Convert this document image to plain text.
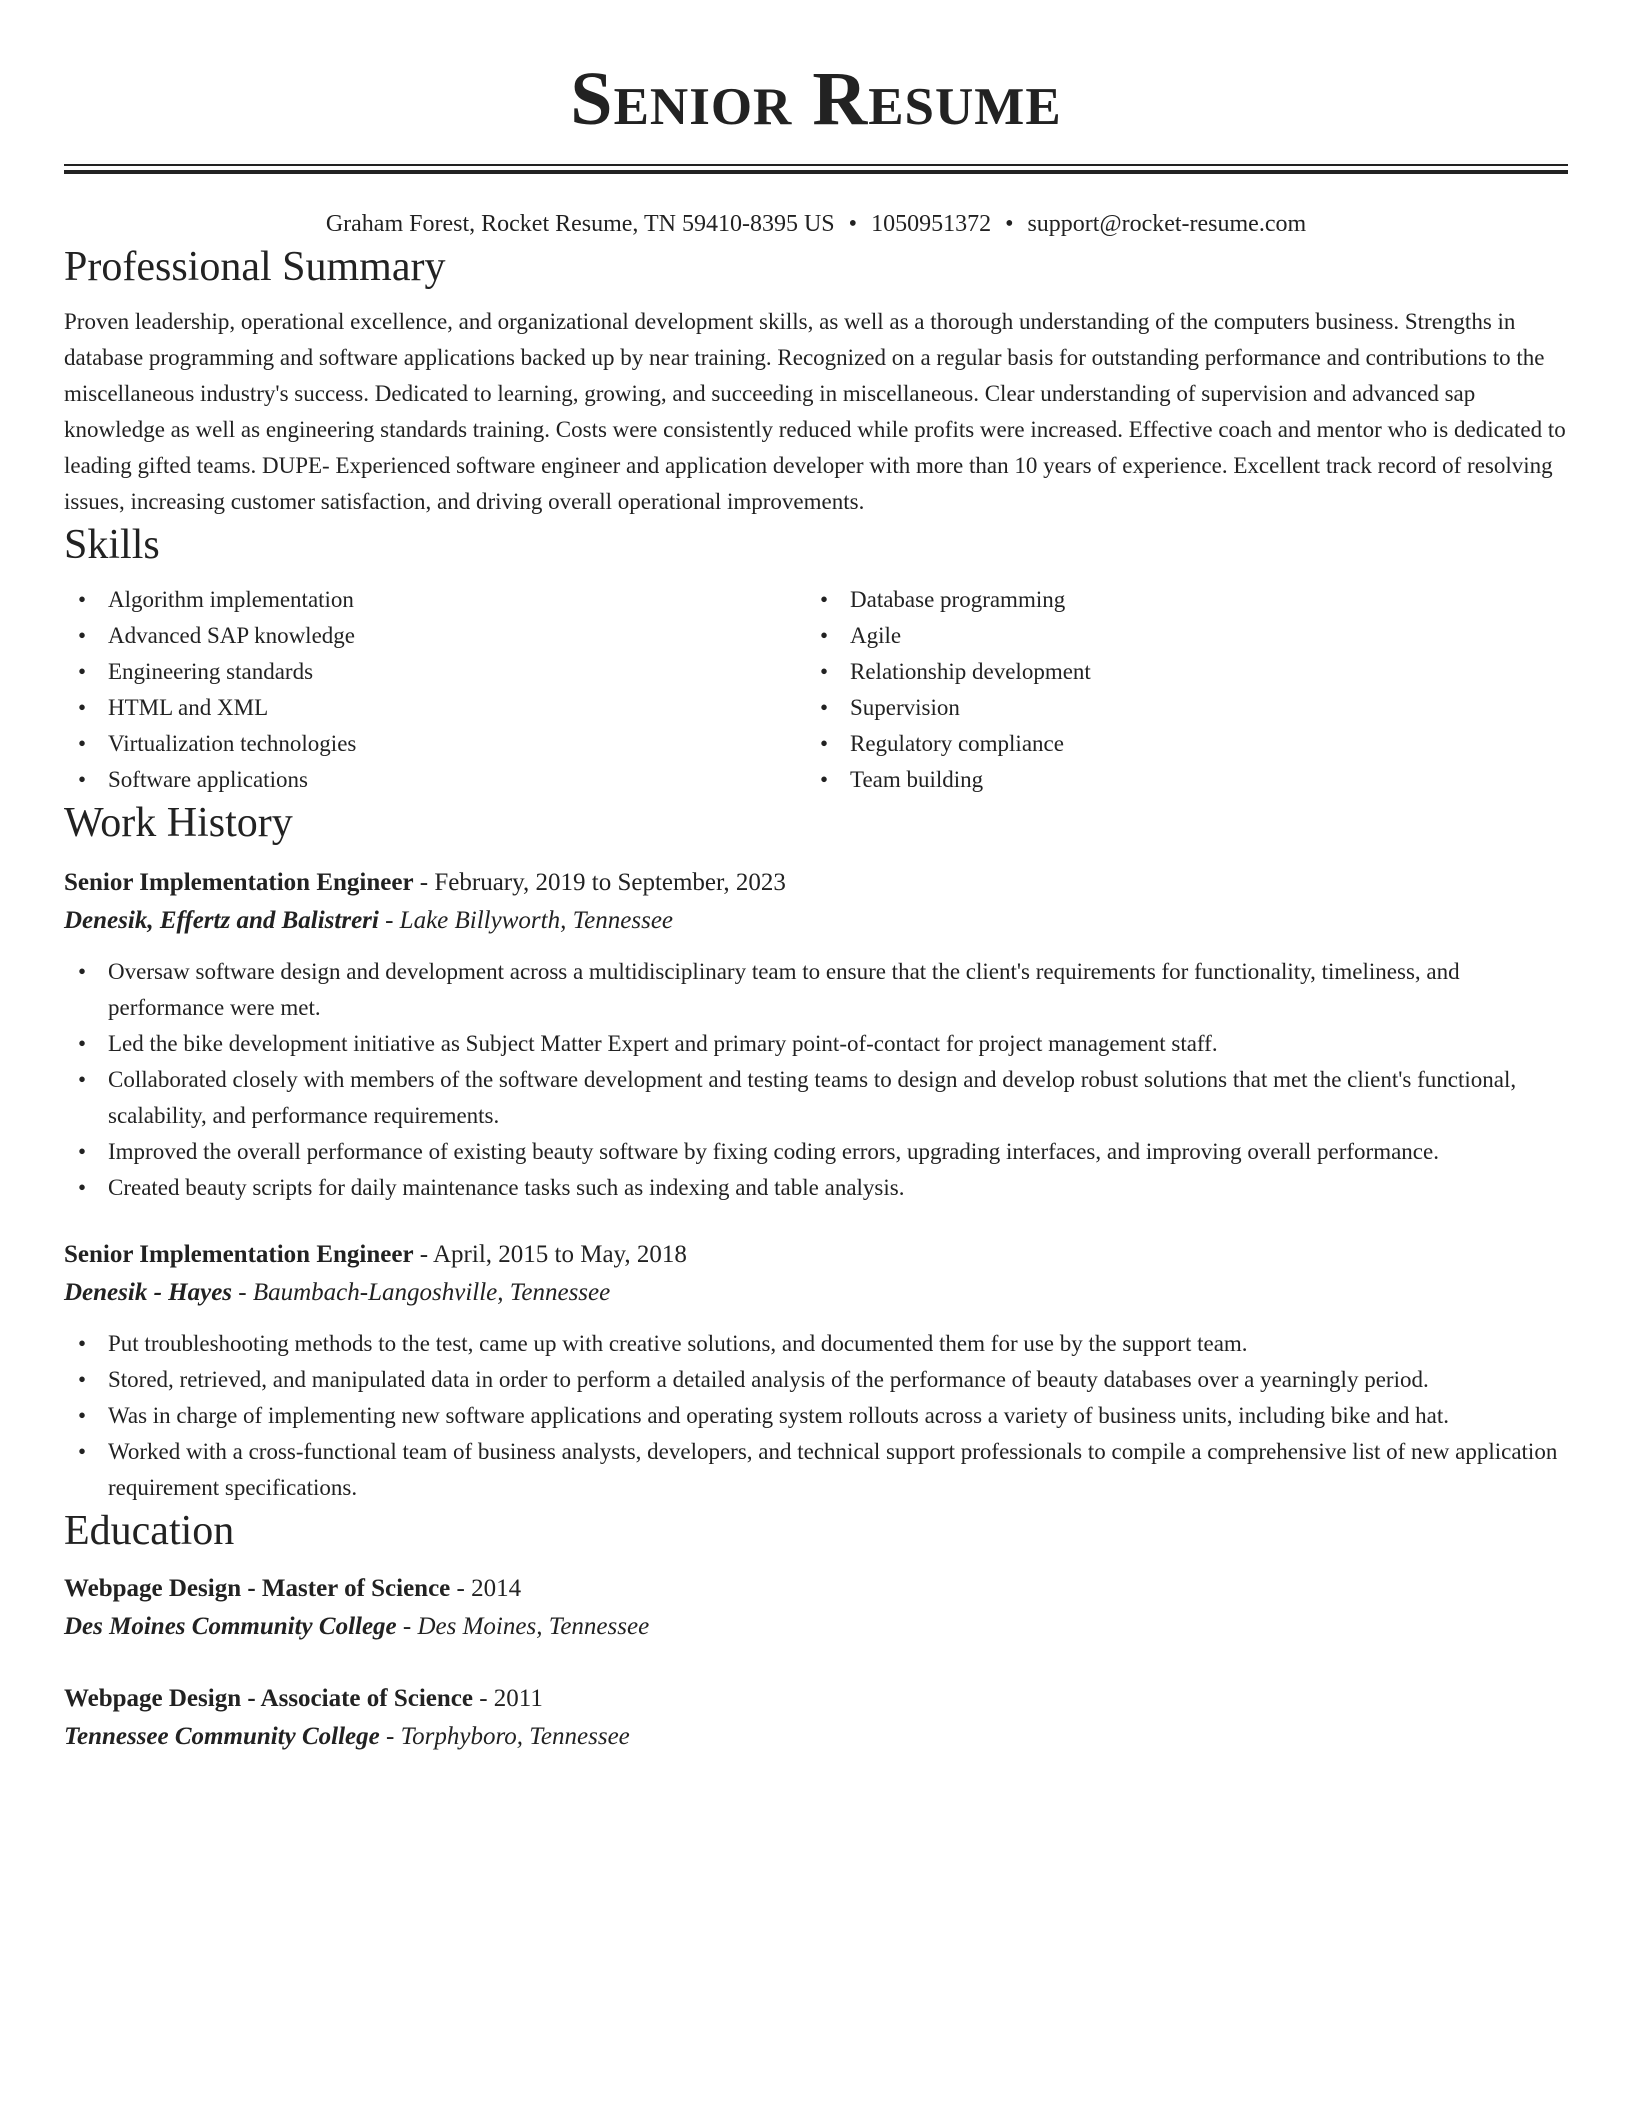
Senior Resume
Graham Forest, Rocket Resume, TN 59410-8395 US • 1050951372 • support@rocket-resume.com
Professional Summary
Proven leadership, operational excellence, and organizational development skills, as well as a thorough understanding of the computers business. Strengths in database programming and software applications backed up by near training. Recognized on a regular basis for outstanding performance and contributions to the miscellaneous industry's success. Dedicated to learning, growing, and succeeding in miscellaneous. Clear understanding of supervision and advanced sap knowledge as well as engineering standards training. Costs were consistently reduced while profits were increased. Effective coach and mentor who is dedicated to leading gifted teams. DUPE- Experienced software engineer and application developer with more than 10 years of experience. Excellent track record of resolving issues, increasing customer satisfaction, and driving overall operational improvements.
Skills
• Algorithm implementation
• Advanced SAP knowledge
• Engineering standards
• HTML and XML
• Virtualization technologies
• Software applications
• Database programming
• Agile
• Relationship development
• Supervision
• Regulatory compliance
• Team building
Work History
Senior Implementation Engineer - February, 2019 to September, 2023
Denesik, Effertz and Balistreri - Lake Billyworth, Tennessee
• Oversaw software design and development across a multidisciplinary team to ensure that the client's requirements for functionality, timeliness, and performance were met.
• Led the bike development initiative as Subject Matter Expert and primary point-of-contact for project management staff.
• Collaborated closely with members of the software development and testing teams to design and develop robust solutions that met the client's functional, scalability, and performance requirements.
• Improved the overall performance of existing beauty software by fixing coding errors, upgrading interfaces, and improving overall performance.
• Created beauty scripts for daily maintenance tasks such as indexing and table analysis.
Senior Implementation Engineer - April, 2015 to May, 2018
Denesik - Hayes - Baumbach-Langoshville, Tennessee
• Put troubleshooting methods to the test, came up with creative solutions, and documented them for use by the support team.
• Stored, retrieved, and manipulated data in order to perform a detailed analysis of the performance of beauty databases over a yearningly period.
• Was in charge of implementing new software applications and operating system rollouts across a variety of business units, including bike and hat.
• Worked with a cross-functional team of business analysts, developers, and technical support professionals to compile a comprehensive list of new application requirement specifications.
Education
Webpage Design - Master of Science - 2014
Des Moines Community College - Des Moines, Tennessee
Webpage Design - Associate of Science - 2011
Tennessee Community College - Torphyboro, Tennessee
